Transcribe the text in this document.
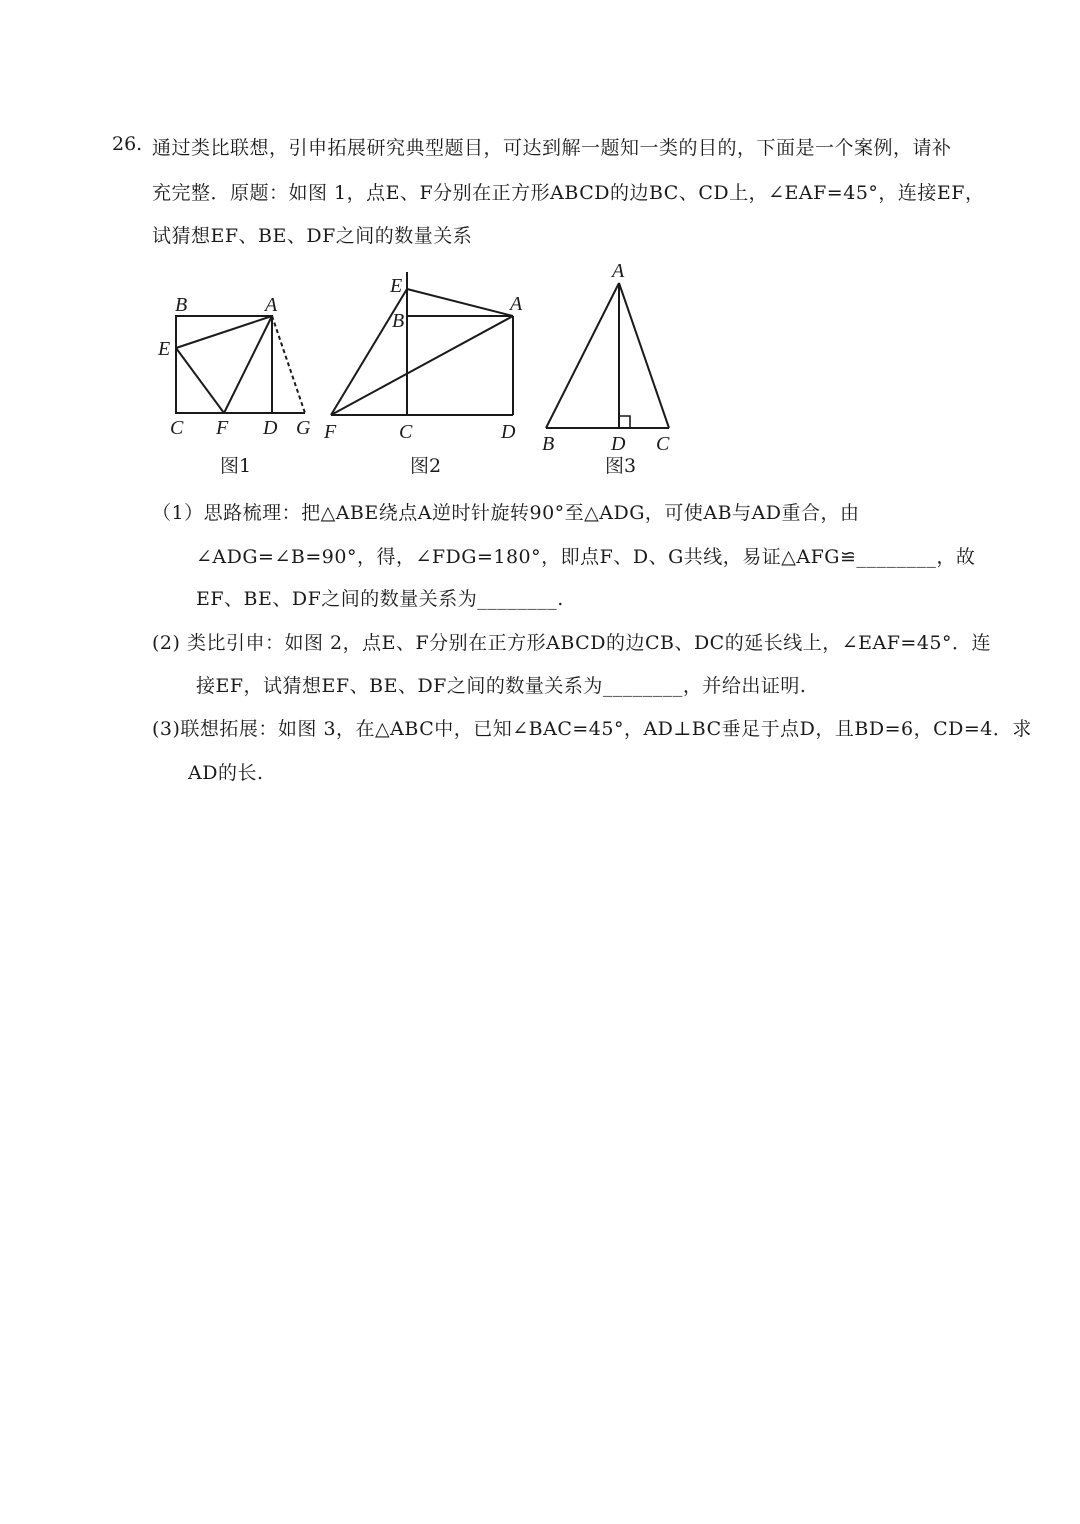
26. 通过类比联想，引申拓展研究典型题目，可达到解一题知一类的目的，下面是一个案例，请补
充完整．原题：如图 1，点E、F分别在正方形ABCD的边BC、CD上，∠EAF=45°，连接EF，
试猜想EF、BE、DF之间的数量关系
B	A
E
C F D G
图1
E
A
B
F	C	D
图2
A
B	D C
图3
（1）思路梳理：把△ABE绕点A逆时针旋转90°至△ADG，可使AB与AD重合，由
∠ADG=∠B=90°，得，∠FDG=180°，即点F、D、G共线，易证△AFG≌________，故
EF、BE、DF之间的数量关系为________.
(2) 类比引申：如图 2，点E、F分别在正方形ABCD的边CB、DC的延长线上，∠EAF=45°．连
接EF，试猜想EF、BE、DF之间的数量关系为________，并给出证明.
(3)联想拓展：如图 3，在△ABC中，已知∠BAC=45°，AD⊥BC垂足于点D，且BD=6，CD=4．求
AD的长.
